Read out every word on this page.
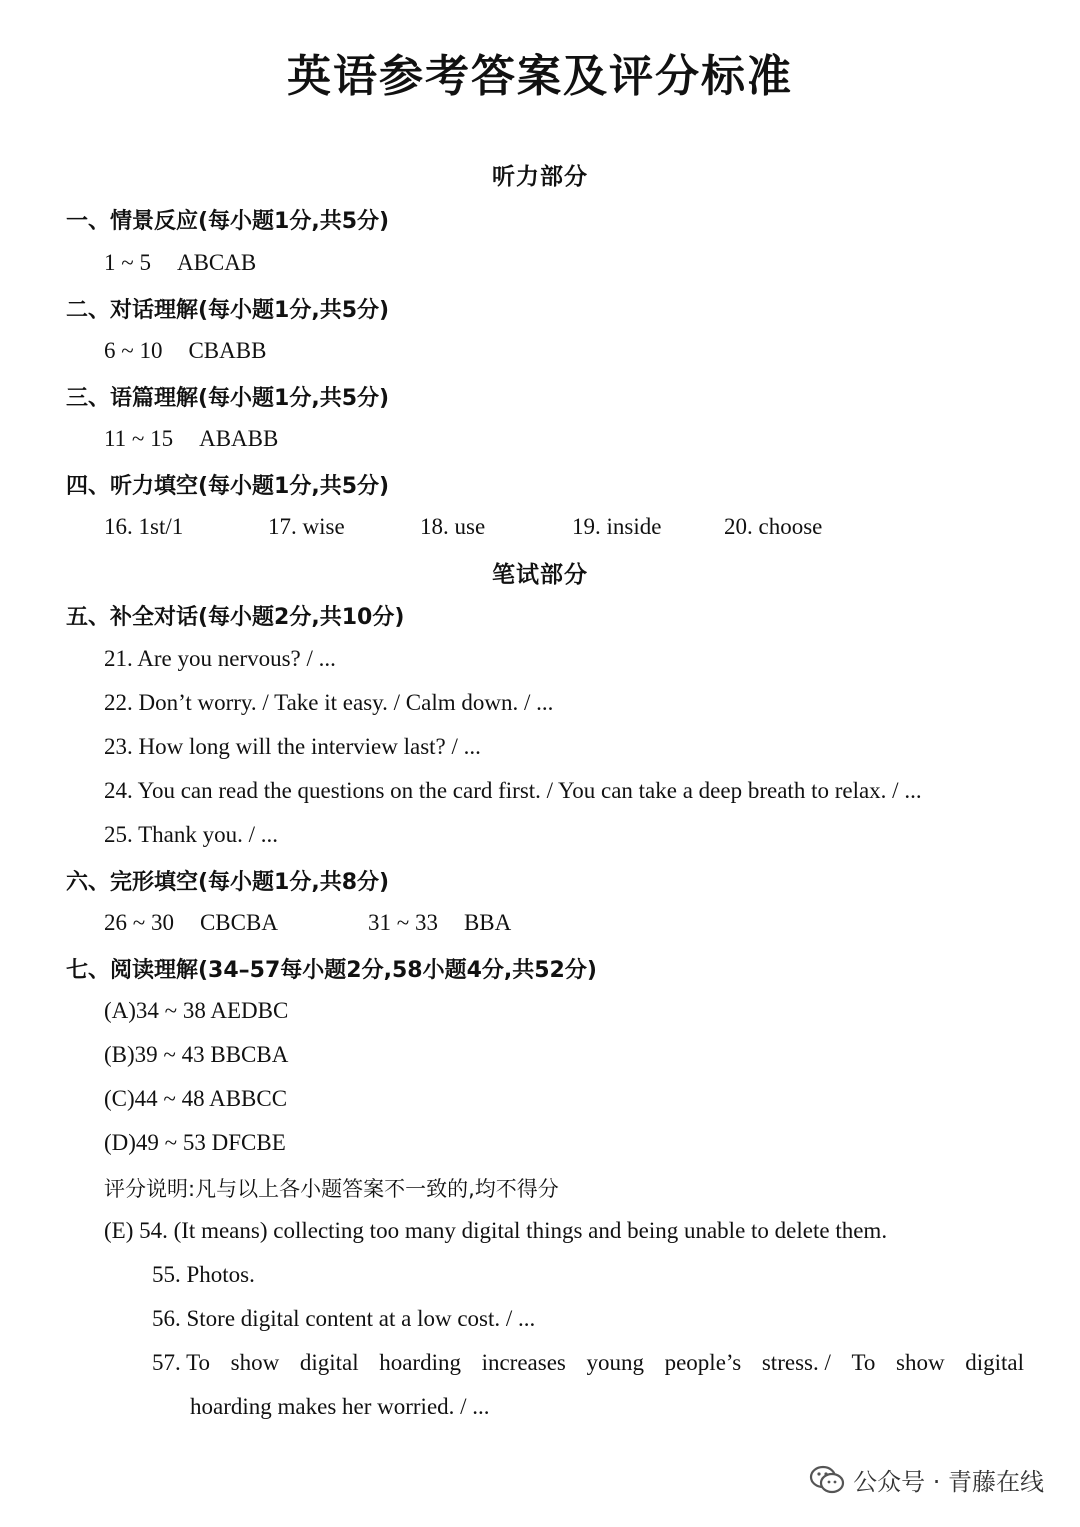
英语参考答案及评分标准
听力部分
一、情景反应(每小题1分,共5分)
1 ~ 5 ABCAB
二、对话理解(每小题1分,共5分)
6 ~ 10 CBABB
三、语篇理解(每小题1分,共5分)
11 ~ 15 ABABB
四、听力填空(每小题1分,共5分)
16. 1st/1	17. wise	18. use	19. inside	20. choose
笔试部分
五、补全对话(每小题2分,共10分)
21. Are you nervous? / ...
22. Don’t worry. / Take it easy. / Calm down. / ...
23. How long will the interview last? / ...
24. You can read the questions on the card first. / You can take a deep breath to relax. / ...
25. Thank you. / ...
六、完形填空(每小题1分,共8分)
26 ~ 30 CBCBA	31 ~ 33 BBA
七、阅读理解(34–57每小题2分,58小题4分,共52分)
(A)34 ~ 38 AEDBC
(B)39 ~ 43 BBCBA
(C)44 ~ 48 ABBCC
(D)49 ~ 53 DFCBE
评分说明:凡与以上各小题答案不一致的,均不得分
(E) 54. (It means) collecting too many digital things and being unable to delete them.
55. Photos.
56. Store digital content at a low cost. / ...
57. To show digital hoarding increases young people’s stress. / To show digital
hoarding makes her worried. / ...
公众号 · 青藤在线
